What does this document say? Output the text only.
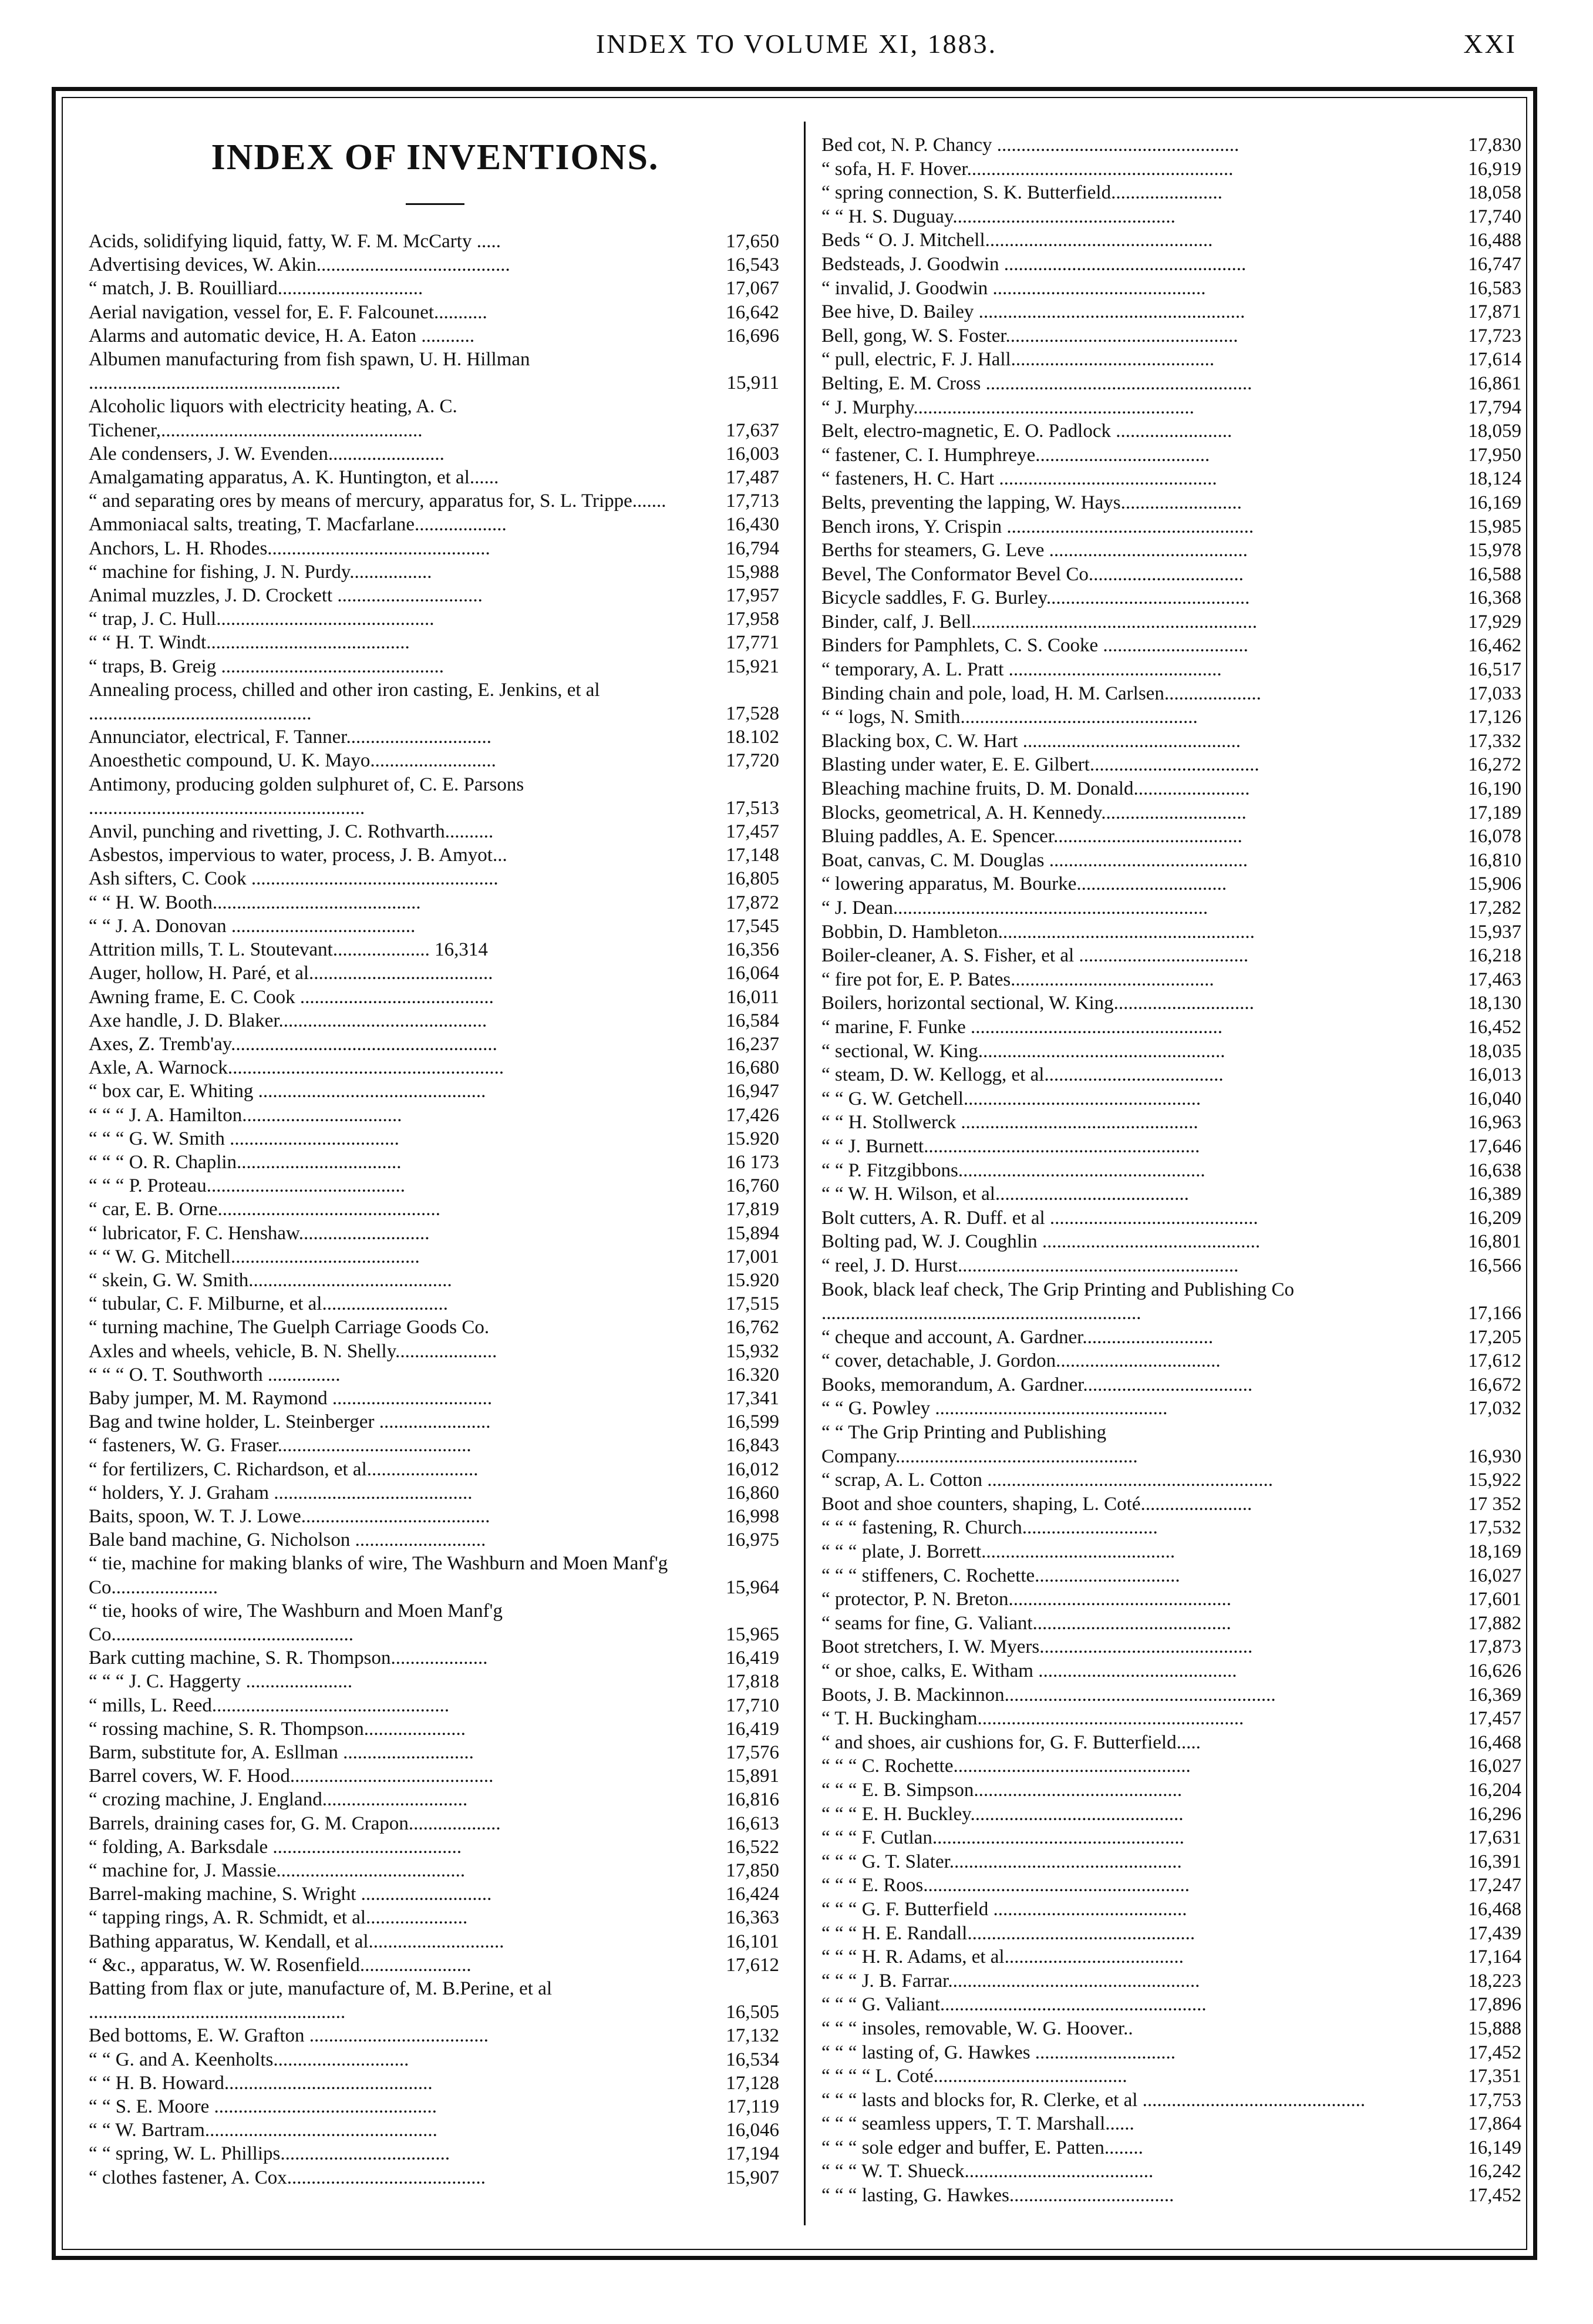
INDEX TO VOLUME XI, 1883.	XXI
INDEX OF INVENTIONS.
Acids, solidifying liquid, fatty, W. F. M. McCarty .....	17,650
Advertising devices, W. Akin........................................	16,543
“ match, J. B. Rouilliard..............................	17,067
Aerial navigation, vessel for, E. F. Falcounet...........	16,642
Alarms and automatic device, H. A. Eaton ...........	16,696
Albumen manufacturing from fish spawn, U. H. Hillman ....................................................	15,911
Alcoholic liquors with electricity heating, A. C. Tichener,......................................................	17,637
Ale condensers, J. W. Evenden........................	16,003
Amalgamating apparatus, A. K. Huntington, et al......	17,487
“ and separating ores by means of mercury, apparatus for, S. L. Trippe.......	17,713
Ammoniacal salts, treating, T. Macfarlane...................	16,430
Anchors, L. H. Rhodes..............................................	16,794
“ machine for fishing, J. N. Purdy.................	15,988
Animal muzzles, J. D. Crockett ..............................	17,957
“ trap, J. C. Hull.............................................	17,958
“ “ H. T. Windt..........................................	17,771
“ traps, B. Greig ..............................................	15,921
Annealing process, chilled and other iron casting, E. Jenkins, et al ..............................................	17,528
Annunciator, electrical, F. Tanner..............................	18.102
Anoesthetic compound, U. K. Mayo..........................	17,720
Antimony, producing golden sulphuret of, C. E. Parsons .........................................................	17,513
Anvil, punching and rivetting, J. C. Rothvarth..........	17,457
Asbestos, impervious to water, process, J. B. Amyot...	17,148
Ash sifters, C. Cook ...................................................	16,805
“ “ H. W. Booth...........................................	17,872
“ “ J. A. Donovan ......................................	17,545
Attrition mills, T. L. Stoutevant.................... 16,314	16,356
Auger, hollow, H. Paré, et al......................................	16,064
Awning frame, E. C. Cook ........................................	16,011
Axe handle, J. D. Blaker...........................................	16,584
Axes, Z. Tremb'ay.......................................................	16,237
Axle, A. Warnock.........................................................	16,680
“ box car, E. Whiting ...............................................	16,947
“ “ “ J. A. Hamilton.................................	17,426
“ “ “ G. W. Smith ...................................	15.920
“ “ “ O. R. Chaplin..................................	16 173
“ “ “ P. Proteau.........................................	16,760
“ car, E. B. Orne..............................................	17,819
“ lubricator, F. C. Henshaw...........................	15,894
“ “ W. G. Mitchell.......................................	17,001
“ skein, G. W. Smith..........................................	15.920
“ tubular, C. F. Milburne, et al..........................	17,515
“ turning machine, The Guelph Carriage Goods Co.	16,762
Axles and wheels, vehicle, B. N. Shelly.....................	15,932
“ “ “ O. T. Southworth ...............	16.320
Baby jumper, M. M. Raymond .................................	17,341
Bag and twine holder, L. Steinberger .......................	16,599
“ fasteners, W. G. Fraser........................................	16,843
“ for fertilizers, C. Richardson, et al.......................	16,012
“ holders, Y. J. Graham .........................................	16,860
Baits, spoon, W. T. J. Lowe.......................................	16,998
Bale band machine, G. Nicholson ...........................	16,975
“ tie, machine for making blanks of wire, The Washburn and Moen Manf'g Co......................	15,964
“ tie, hooks of wire, The Washburn and Moen Manf'g Co..................................................	15,965
Bark cutting machine, S. R. Thompson....................	16,419
“ “ “ J. C. Haggerty ......................	17,818
“ mills, L. Reed.................................................	17,710
“ rossing machine, S. R. Thompson.....................	16,419
Barm, substitute for, A. Esllman ...........................	17,576
Barrel covers, W. F. Hood..........................................	15,891
“ crozing machine, J. England..............................	16,816
Barrels, draining cases for, G. M. Crapon...................	16,613
“ folding, A. Barksdale .......................................	16,522
“ machine for, J. Massie.......................................	17,850
Barrel-making machine, S. Wright ...........................	16,424
“ tapping rings, A. R. Schmidt, et al.....................	16,363
Bathing apparatus, W. Kendall, et al............................	16,101
“ &c., apparatus, W. W. Rosenfield.......................	17,612
Batting from flax or jute, manufacture of, M. B.Perine, et al .....................................................	16,505
Bed bottoms, E. W. Grafton .....................................	17,132
“ “ G. and A. Keenholts............................	16,534
“ “ H. B. Howard...........................................	17,128
“ “ S. E. Moore ..............................................	17,119
“ “ W. Bartram................................................	16,046
“ “ spring, W. L. Phillips...................................	17,194
“ clothes fastener, A. Cox.........................................	15,907
Bed cot, N. P. Chancy ..................................................	17,830
“ sofa, H. F. Hover.......................................................	16,919
“ spring connection, S. K. Butterfield.......................	18,058
“ “ H. S. Duguay..............................................	17,740
Beds “ O. J. Mitchell...............................................	16,488
Bedsteads, J. Goodwin ..................................................	16,747
“ invalid, J. Goodwin ............................................	16,583
Bee hive, D. Bailey .......................................................	17,871
Bell, gong, W. S. Foster................................................	17,723
“ pull, electric, F. J. Hall..........................................	17,614
Belting, E. M. Cross .......................................................	16,861
“ J. Murphy..........................................................	17,794
Belt, electro-magnetic, E. O. Padlock ........................	18,059
“ fastener, C. I. Humphreye....................................	17,950
“ fasteners, H. C. Hart .............................................	18,124
Belts, preventing the lapping, W. Hays.........................	16,169
Bench irons, Y. Crispin ...................................................	15,985
Berths for steamers, G. Leve .........................................	15,978
Bevel, The Conformator Bevel Co................................	16,588
Bicycle saddles, F. G. Burley..........................................	16,368
Binder, calf, J. Bell...........................................................	17,929
Binders for Pamphlets, C. S. Cooke ..............................	16,462
“ temporary, A. L. Pratt ............................................	16,517
Binding chain and pole, load, H. M. Carlsen....................	17,033
“ “ logs, N. Smith.................................................	17,126
Blacking box, C. W. Hart .............................................	17,332
Blasting under water, E. E. Gilbert...................................	16,272
Bleaching machine fruits, D. M. Donald........................	16,190
Blocks, geometrical, A. H. Kennedy..............................	17,189
Bluing paddles, A. E. Spencer.......................................	16,078
Boat, canvas, C. M. Douglas .........................................	16,810
“ lowering apparatus, M. Bourke...............................	15,906
“ J. Dean.................................................................	17,282
Bobbin, D. Hambleton.....................................................	15,937
Boiler-cleaner, A. S. Fisher, et al ...................................	16,218
“ fire pot for, E. P. Bates..........................................	17,463
Boilers, horizontal sectional, W. King.............................	18,130
“ marine, F. Funke ....................................................	16,452
“ sectional, W. King...................................................	18,035
“ steam, D. W. Kellogg, et al.....................................	16,013
“ “ G. W. Getchell.................................................	16,040
“ “ H. Stollwerck .................................................	16,963
“ “ J. Burnett.........................................................	17,646
“ “ P. Fitzgibbons...................................................	16,638
“ “ W. H. Wilson, et al........................................	16,389
Bolt cutters, A. R. Duff. et al ...........................................	16,209
Bolting pad, W. J. Coughlin .............................................	16,801
“ reel, J. D. Hurst..........................................................	16,566
Book, black leaf check, The Grip Printing and Publishing Co ..................................................................	17,166
“ cheque and account, A. Gardner...........................	17,205
“ cover, detachable, J. Gordon..................................	17,612
Books, memorandum, A. Gardner...................................	16,672
“ “ G. Powley ................................................	17,032
“ “ The Grip Printing and Publishing Company..................................................	16,930
“ scrap, A. L. Cotton ...........................................................	15,922
Boot and shoe counters, shaping, L. Coté.......................	17 352
“ “ “ fastening, R. Church............................	17,532
“ “ “ plate, J. Borrett........................................	18,169
“ “ “ stiffeners, C. Rochette..............................	16,027
“ protector, P. N. Breton..............................................	17,601
“ seams for fine, G. Valiant.........................................	17,882
Boot stretchers, I. W. Myers............................................	17,873
“ or shoe, calks, E. Witham .........................................	16,626
Boots, J. B. Mackinnon........................................................	16,369
“ T. H. Buckingham.......................................................	17,457
“ and shoes, air cushions for, G. F. Butterfield.....	16,468
“ “ “ C. Rochette.................................................	16,027
“ “ “ E. B. Simpson...........................................	16,204
“ “ “ E. H. Buckley............................................	16,296
“ “ “ F. Cutlan....................................................	17,631
“ “ “ G. T. Slater................................................	16,391
“ “ “ E. Roos.......................................................	17,247
“ “ “ G. F. Butterfield ........................................	16,468
“ “ “ H. E. Randall...............................................	17,439
“ “ “ H. R. Adams, et al.....................................	17,164
“ “ “ J. B. Farrar....................................................	18,223
“ “ “ G. Valiant.......................................................	17,896
“ “ “ insoles, removable, W. G. Hoover..	15,888
“ “ “ lasting of, G. Hawkes .............................	17,452
“ “ “ “ L. Coté........................................	17,351
“ “ “ lasts and blocks for, R. Clerke, et al ..............................................	17,753
“ “ “ seamless uppers, T. T. Marshall......	17,864
“ “ “ sole edger and buffer, E. Patten........	16,149
“ “ “ W. T. Shueck.......................................	16,242
“ “ “ lasting, G. Hawkes..................................	17,452
